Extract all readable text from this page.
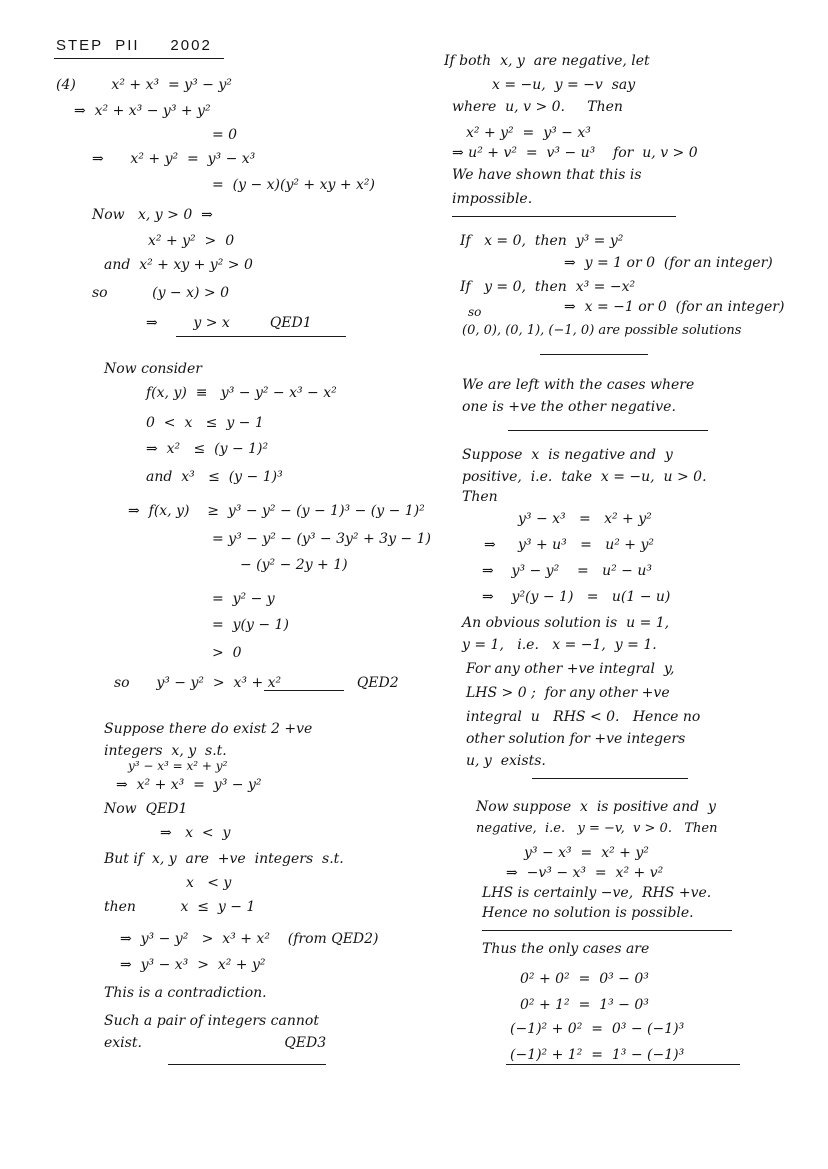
STEP  PII     2002
(4)        x² + x³  = y³ − y²
⇒  x² + x³ − y³ + y²
= 0
⇒      x² + y²  =  y³ − x³
=  (y − x)(y² + xy + x²)
Now   x, y > 0  ⇒
x² + y²  >  0
and  x² + xy + y² > 0
so          (y − x) > 0
⇒        y > x         QED1
Now consider
f(x, y)  ≡   y³ − y² − x³ − x²
0  <  x   ≤  y − 1
⇒  x²   ≤  (y − 1)²
and  x³   ≤  (y − 1)³
⇒  f(x, y)    ≥  y³ − y² − (y − 1)³ − (y − 1)²
= y³ − y² − (y³ − 3y² + 3y − 1)
− (y² − 2y + 1)
=  y² − y
=  y(y − 1)
>  0
so      y³ − y²  >  x³ + x²                 QED2
Suppose there do exist 2 +ve
integers  x, y  s.t.
y³ − x³ = x² + y²
⇒  x² + x³  =  y³ − y²
Now  QED1
⇒   x  <  y
But if  x, y  are  +ve  integers  s.t.
x   < y
then          x  ≤  y − 1
⇒  y³ − y²   >  x³ + x²    (from QED2)
⇒  y³ − x³  >  x² + y²
This is a contradiction.
Such a pair of integers cannot
exist.                                QED3
If both  x, y  are negative, let
x = −u,  y = −v  say
where  u, v > 0.     Then
x² + y²  =  y³ − x³
⇒ u² + v²  =  v³ − u³    for  u, v > 0
We have shown that this is
impossible.
If   x = 0,  then  y³ = y²
⇒  y = 1 or 0  (for an integer)
If   y = 0,  then  x³ = −x²
so	⇒  x = −1 or 0  (for an integer)
(0, 0), (0, 1), (−1, 0) are possible solutions
We are left with the cases where
one is +ve the other negative.
Suppose  x  is negative and  y
positive,  i.e.  take  x = −u,  u > 0.
Then
y³ − x³   =   x² + y²
⇒     y³ + u³   =   u² + y²
⇒    y³ − y²    =   u² − u³
⇒    y²(y − 1)   =   u(1 − u)
An obvious solution is  u = 1,
y = 1,   i.e.   x = −1,  y = 1.
For any other +ve integral  y,
LHS > 0 ;  for any other +ve
integral  u   RHS < 0.   Hence no
other solution for +ve integers
u, y  exists.
Now suppose  x  is positive and  y
negative,  i.e.   y = −v,  v > 0.   Then
y³ − x³  =  x² + y²
⇒  −v³ − x³  =  x² + v²
LHS is certainly −ve,  RHS +ve.
Hence no solution is possible.
Thus the only cases are
0² + 0²  =  0³ − 0³
0² + 1²  =  1³ − 0³
(−1)² + 0²  =  0³ − (−1)³
(−1)² + 1²  =  1³ − (−1)³
